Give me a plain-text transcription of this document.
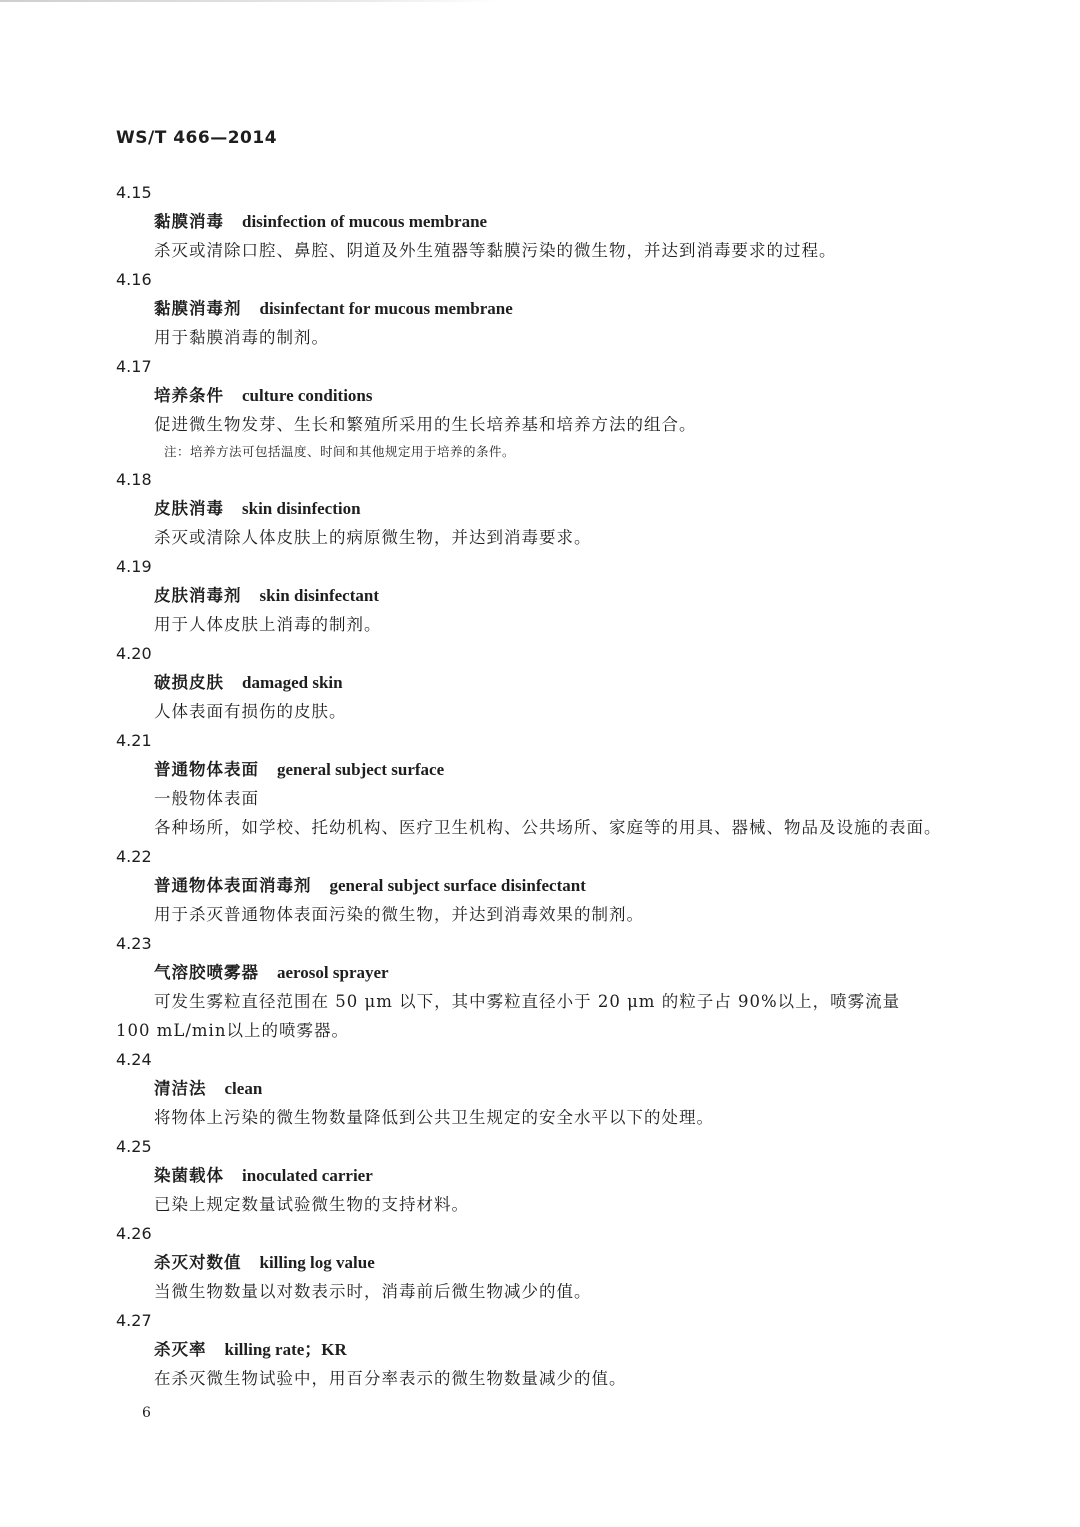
WS/T 466—2014
4.15
黏膜消毒 disinfection of mucous membrane
杀灭或清除口腔、鼻腔、阴道及外生殖器等黏膜污染的微生物，并达到消毒要求的过程。
4.16
黏膜消毒剂 disinfectant for mucous membrane
用于黏膜消毒的制剂。
4.17
培养条件 culture conditions
促进微生物发芽、生长和繁殖所采用的生长培养基和培养方法的组合。
注：培养方法可包括温度、时间和其他规定用于培养的条件。
4.18
皮肤消毒 skin disinfection
杀灭或清除人体皮肤上的病原微生物，并达到消毒要求。
4.19
皮肤消毒剂 skin disinfectant
用于人体皮肤上消毒的制剂。
4.20
破损皮肤 damaged skin
人体表面有损伤的皮肤。
4.21
普通物体表面 general subject surface
一般物体表面
各种场所，如学校、托幼机构、医疗卫生机构、公共场所、家庭等的用具、器械、物品及设施的表面。
4.22
普通物体表面消毒剂 general subject surface disinfectant
用于杀灭普通物体表面污染的微生物，并达到消毒效果的制剂。
4.23
气溶胶喷雾器 aerosol sprayer
可发生雾粒直径范围在 50 μm 以下，其中雾粒直径小于 20 μm 的粒子占 90%以上，喷雾流量
100 mL/min以上的喷雾器。
4.24
清洁法 clean
将物体上污染的微生物数量降低到公共卫生规定的安全水平以下的处理。
4.25
染菌载体 inoculated carrier
已染上规定数量试验微生物的支持材料。
4.26
杀灭对数值 killing log value
当微生物数量以对数表示时，消毒前后微生物减少的值。
4.27
杀灭率 killing rate；KR
在杀灭微生物试验中，用百分率表示的微生物数量减少的值。
6
